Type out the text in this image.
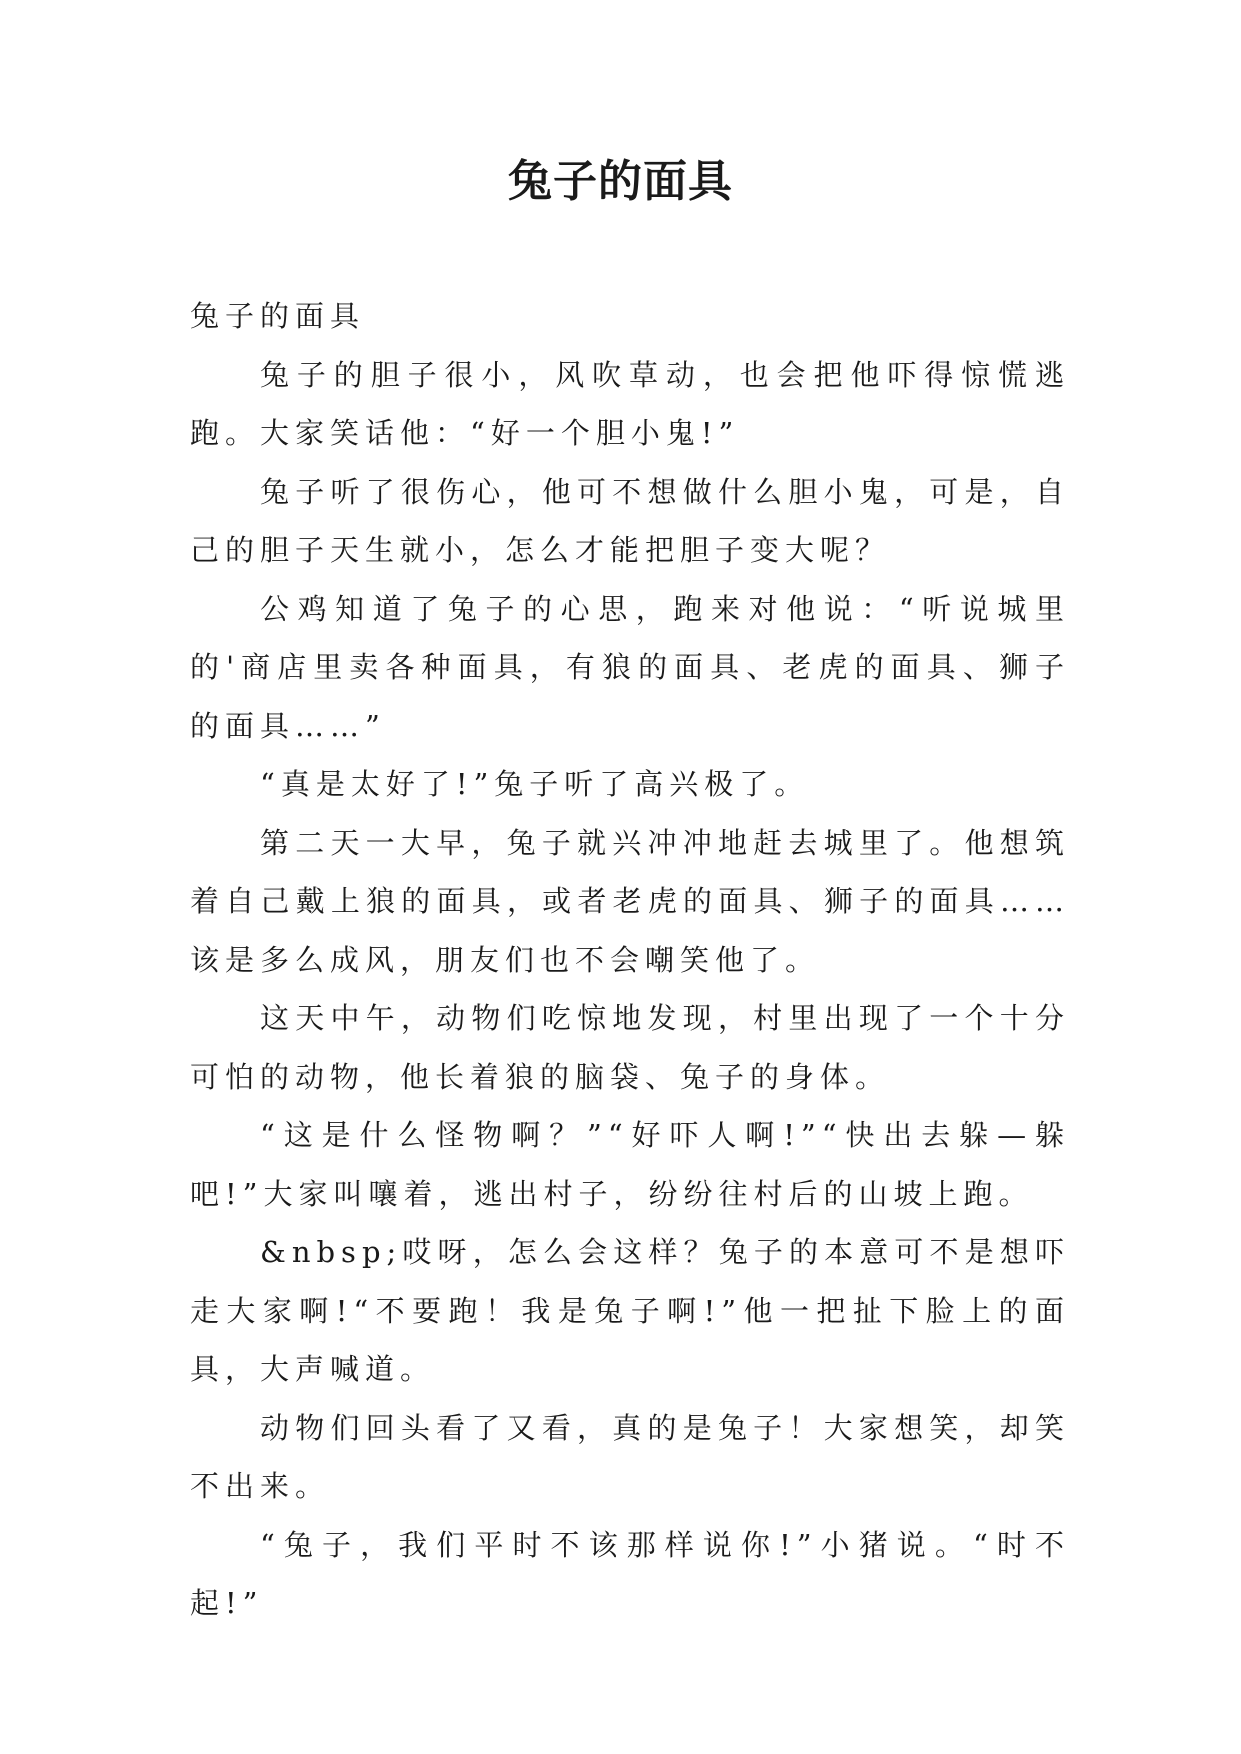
兔子的面具

兔子的面具

兔子的胆子很小，风吹草动，也会把他吓得惊慌逃跑。大家笑话他：“好一个胆小鬼!”

兔子听了很伤心，他可不想做什么胆小鬼，可是，自己的胆子天生就小，怎么才能把胆子变大呢？

公鸡知道了兔子的心思，跑来对他说：“听说城里的'商店里卖各种面具，有狼的面具、老虎的面具、狮子的面具……”

“真是太好了!”兔子听了高兴极了。

第二天一大早，兔子就兴冲冲地赶去城里了。他想筑着自己戴上狼的面具，或者老虎的面具、狮子的面具……该是多么成风，朋友们也不会嘲笑他了。

这天中午，动物们吃惊地发现，村里出现了一个十分可怕的动物，他长着狼的脑袋、兔子的身体。

“这是什么怪物啊？”“好吓人啊!”“快出去躲—躲吧!”大家叫嚷着，逃出村子，纷纷往村后的山坡上跑。

&nbsp;哎呀，怎么会这样？兔子的本意可不是想吓走大家啊!“不要跑！我是兔子啊!”他一把扯下脸上的面具，大声喊道。

动物们回头看了又看，真的是兔子！大家想笑，却笑不出来。

“兔子，我们平时不该那样说你!”小猪说。“时不起!”
